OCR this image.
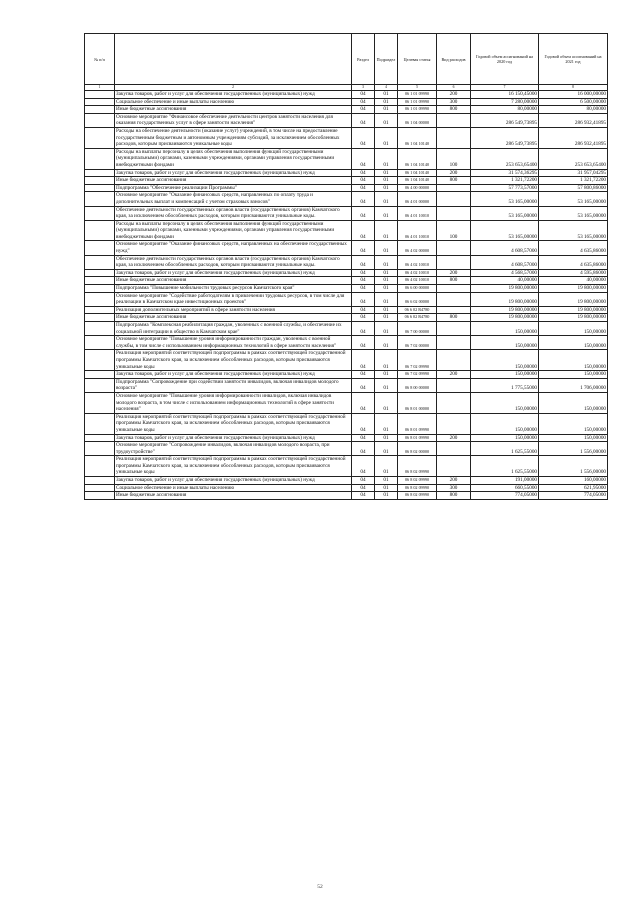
№ п/п		Раздел	Подраздел	Целевая статья	Вид расходов	Годовой объем ассигнований на 2020 год	Годовой объем ассигнований на 2021 год
1	2	3	4	5	6	7	8
	Закупка товаров, работ и услуг для обеспечения государственных (муниципальных) нужд	04	01	06 1 01 09990	200	16 150,45000	16 000,00000
	Социальное обеспечение и иные выплаты населению	04	01	06 1 01 09990	300	7 280,00000	6 500,00000
	Иные бюджетные ассигнования	04	01	06 1 01 09990	800	80,00000	80,00000
	Основное мероприятие "Финансовое обеспечение деятельности центров занятости населения для оказания государственных услуг в сфере занятости населения"	04	01	06 1 04 00000		286 549,73895	286 932,41895
	Расходы на обеспечение деятельности (оказание услуг) учреждений, в том числе на предоставление государственным бюджетным и автономным учреждениям субсидий, за исключением обособленных расходов, которым присваиваются уникальные коды	04	01	06 1 04 10140		286 549,73895	286 932,41895
	Расходы на выплаты персоналу в целях обеспечения выполнения функций государственными (муниципальными) органами, казенными учреждениями, органами управления государственными внебюджетными фондами	04	01	06 1 04 10140	100	253 653,65400	253 653,65400
	Закупка товаров, работ и услуг для обеспечения государственных (муниципальных) нужд	04	01	06 1 04 10140	200	31 574,36295	31 957,04295
	Иные бюджетные ассигнования	04	01	06 1 04 10140	800	1 321,72200	1 321,72200
	Подпрограмма "Обеспечение реализации Программы"	04	01	06 4 00 00000		57 773,57000	57 800,86000
	Основное мероприятие "Оказание финансовых средств, направленных по оплату труда и дополнительных выплат и компенсаций с учетом страховых взносов"	04	01	06 4 01 00000		53 165,00000	53 165,00000
	Обеспечение деятельности государственных органов власти (государственных органов) Камчатского края, за исключением обособленных расходов, которым присваиваются уникальные коды.	04	01	06 4 01 10010		53 165,00000	53 165,00000
	Расходы на выплаты персоналу в целях обеспечения выполнения функций государственными (муниципальными) органами, казенными учреждениями, органами управления государственными внебюджетными фондами	04	01	06 4 01 10010	100	53 165,00000	53 165,00000
	Основное мероприятие "Оказание финансовых средств, направленных на обеспечение государственных нужд"	04	01	06 4 02 00000		4 608,57000	4 635,86000
	Обеспечение деятельности государственных органов власти (государственных органов) Камчатского края, за исключением обособленных расходов, которым присваиваются уникальные коды.	04	01	06 4 02 10010		4 608,57000	4 635,86000
	Закупка товаров, работ и услуг для обеспечения государственных (муниципальных) нужд	04	01	06 4 02 10010	200	4 568,57000	4 595,86000
	Иные бюджетные ассигнования	04	01	06 4 02 10010	800	40,00000	40,00000
	Подпрограмма "Повышение мобильности трудовых ресурсов Камчатского края"	04	01	06 6 00 00000		19 800,00000	19 800,00000
	Основное мероприятие "Содействие работодателям в привлечении трудовых ресурсов, в том числе для реализации в Камчатском крае инвестиционных проектов"	04	01	06 6 02 00000		19 800,00000	19 800,00000
	Реализация дополнительных мероприятий в сфере занятости населения	04	01	06 6 02 R4780		19 800,00000	19 800,00000
	Иные бюджетные ассигнования	04	01	06 6 02 R4780	800	19 800,00000	19 800,00000
	Подпрограмма "Комплексная реабилитация граждан, уволенных с военной службы, и обеспечение их социальной интеграции в общество в Камчатском крае"	04	01	06 7 00 00000		150,00000	150,00000
	Основное мероприятие "Повышение уровня информированности граждан, уволенных с военной службы, в том числе с использованием информационных технологий в сфере занятости населения"	04	01	06 7 02 00000		150,00000	150,00000
	Реализация мероприятий соответствующей подпрограммы в рамках соответствующей государственной программы Камчатского края, за исключением обособленных расходов, которым присваиваются уникальные коды	04	01	06 7 02 09990		150,00000	150,00000
	Закупка товаров, работ и услуг для обеспечения государственных (муниципальных) нужд	04	01	06 7 02 09990	200	150,00000	150,00000
	Подпрограмма "Сопровождение при содействии занятости инвалидов, включая инвалидов молодого возраста"	04	01	06 8 00 00000		1 775,55000	1 706,00000
	Основное мероприятие "Повышение уровня информированности инвалидов, включая инвалидов молодого возраста, в том числе с использованием информационных технологий в сфере занятости населения"	04	01	06 8 01 00000		150,00000	150,00000
	Реализация мероприятий соответствующей подпрограммы в рамках соответствующей государственной программы Камчатского края, за исключением обособленных расходов, которым присваиваются уникальные коды	04	01	06 8 01 09990		150,00000	150,00000
	Закупка товаров, работ и услуг для обеспечения государственных (муниципальных) нужд	04	01	06 8 01 09990	200	150,00000	150,00000
	Основное мероприятие "Сопровождение инвалидов, включая инвалидов молодого возраста, при трудоустройстве"	04	01	06 8 02 00000		1 625,55000	1 556,00000
	Реализация мероприятий соответствующей подпрограммы в рамках соответствующей государственной программы Камчатского края, за исключением обособленных расходов, которым присваиваются уникальные коды	04	01	06 8 02 09990		1 625,55000	1 556,00000
	Закупка товаров, работ и услуг для обеспечения государственных (муниципальных) нужд	04	01	06 8 02 09990	200	191,00000	160,00000
	Социальное обеспечение и иные выплаты населению	04	01	06 8 02 09990	300	660,55000	621,95000
	Иные бюджетные ассигнования	04	01	06 8 02 09990	800	774,05000	774,05000
52
